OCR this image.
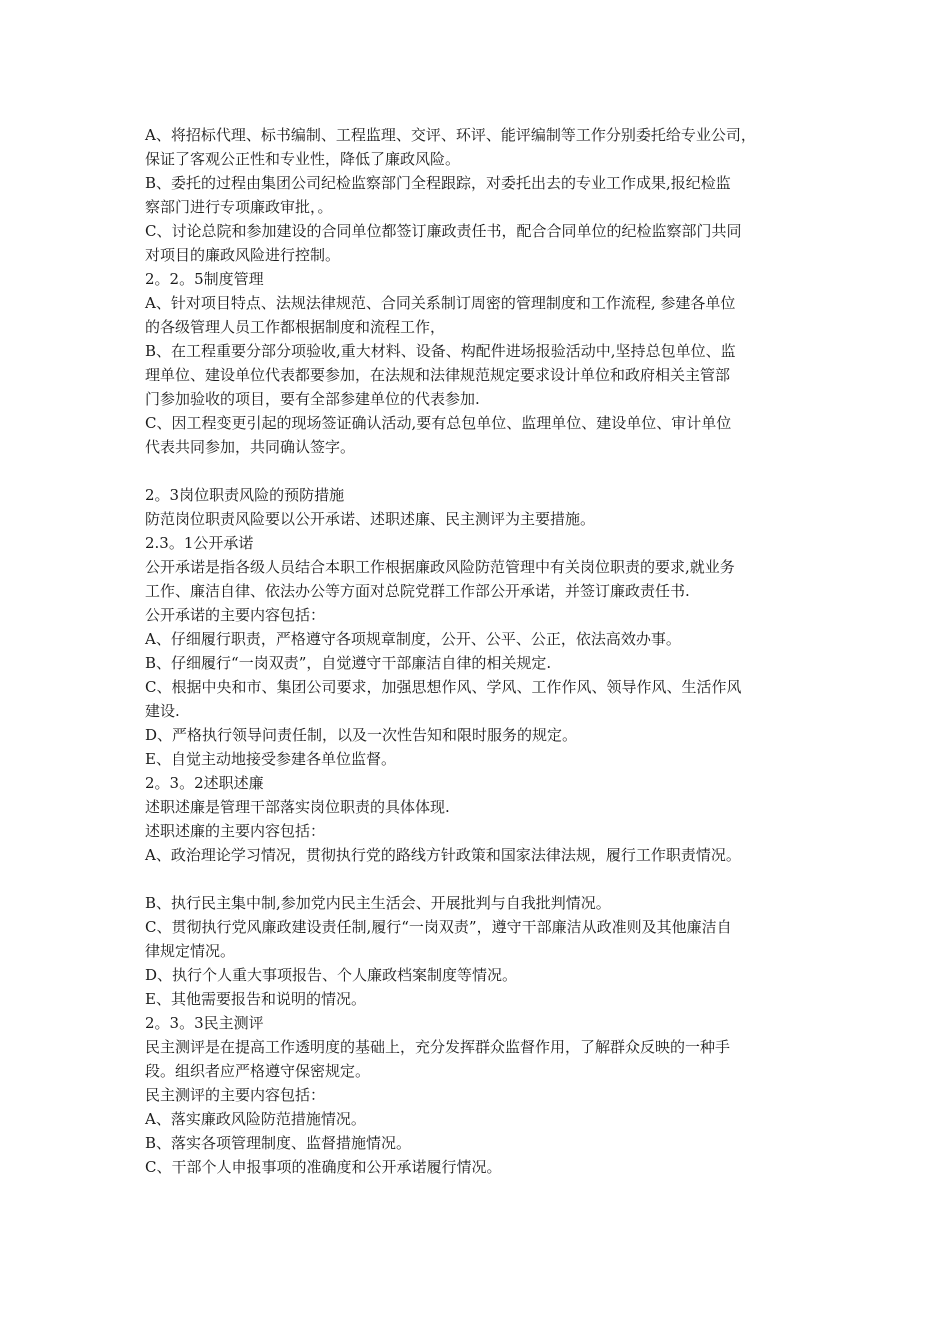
A、将招标代理、标书编制、工程监理、交评、环评、能评编制等工作分别委托给专业公司，
保证了客观公正性和专业性，降低了廉政风险。
B、委托的过程由集团公司纪检监察部门全程跟踪，对委托出去的专业工作成果,报纪检监
察部门进行专项廉政审批，。
C、讨论总院和参加建设的合同单位都签订廉政责任书，配合合同单位的纪检监察部门共同
对项目的廉政风险进行控制。
2。2。5制度管理
A、针对项目特点、法规法律规范、合同关系制订周密的管理制度和工作流程, 参建各单位
的各级管理人员工作都根据制度和流程工作，
B、在工程重要分部分项验收,重大材料、设备、构配件进场报验活动中,坚持总包单位、监
理单位、建设单位代表都要参加，在法规和法律规范规定要求设计单位和政府相关主管部
门参加验收的项目，要有全部参建单位的代表参加.
C、因工程变更引起的现场签证确认活动,要有总包单位、监理单位、建设单位、审计单位
代表共同参加，共同确认签字。
2。3岗位职责风险的预防措施
防范岗位职责风险要以公开承诺、述职述廉、民主测评为主要措施。
2.3。1公开承诺
公开承诺是指各级人员结合本职工作根据廉政风险防范管理中有关岗位职责的要求,就业务
工作、廉洁自律、依法办公等方面对总院党群工作部公开承诺，并签订廉政责任书.
公开承诺的主要内容包括：
A、仔细履行职责，严格遵守各项规章制度，公开、公平、公正，依法高效办事。
B、仔细履行“一岗双责”，自觉遵守干部廉洁自律的相关规定.
C、根据中央和市、集团公司要求，加强思想作风、学风、工作作风、领导作风、生活作风
建设.
D、严格执行领导问责任制，以及一次性告知和限时服务的规定。
E、自觉主动地接受参建各单位监督。
2。3。2述职述廉
述职述廉是管理干部落实岗位职责的具体体现.
述职述廉的主要内容包括：
A、政治理论学习情况，贯彻执行党的路线方针政策和国家法律法规，履行工作职责情况。
B、执行民主集中制,参加党内民主生活会、开展批判与自我批判情况。
C、贯彻执行党风廉政建设责任制,履行“一岗双责”，遵守干部廉洁从政准则及其他廉洁自
律规定情况。
D、执行个人重大事项报告、个人廉政档案制度等情况。
E、其他需要报告和说明的情况。
2。3。3民主测评
民主测评是在提高工作透明度的基础上，充分发挥群众监督作用，了解群众反映的一种手
段。组织者应严格遵守保密规定。
民主测评的主要内容包括：
A、落实廉政风险防范措施情况。
B、落实各项管理制度、监督措施情况。
C、干部个人申报事项的准确度和公开承诺履行情况。
